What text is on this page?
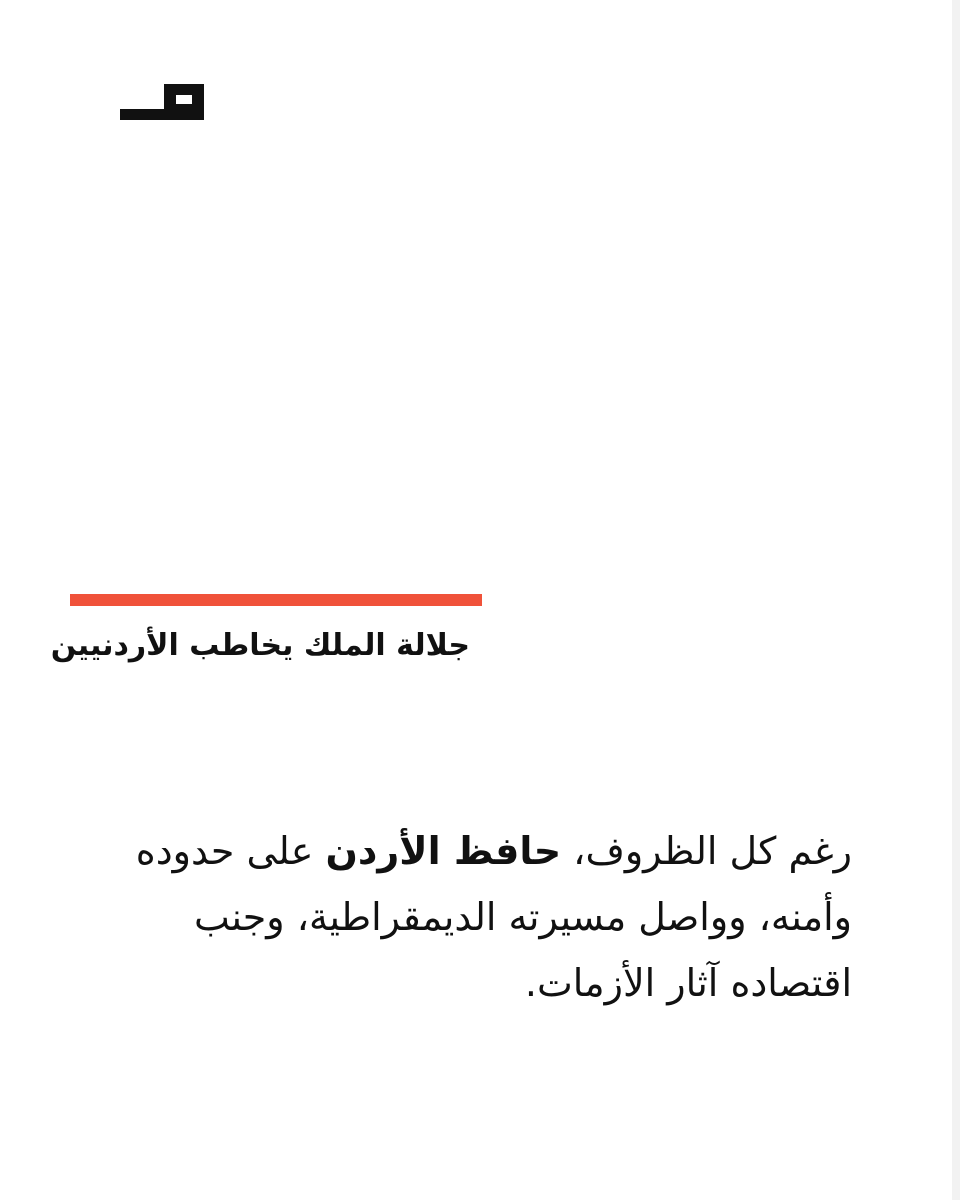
جلالة الملك يخاطب الأردنيين

رغم كل الظروف، حافظ الأردن على حدوده وأمنه، وواصل مسيرته الديمقراطية، وجنب اقتصاده آثار الأزمات.
